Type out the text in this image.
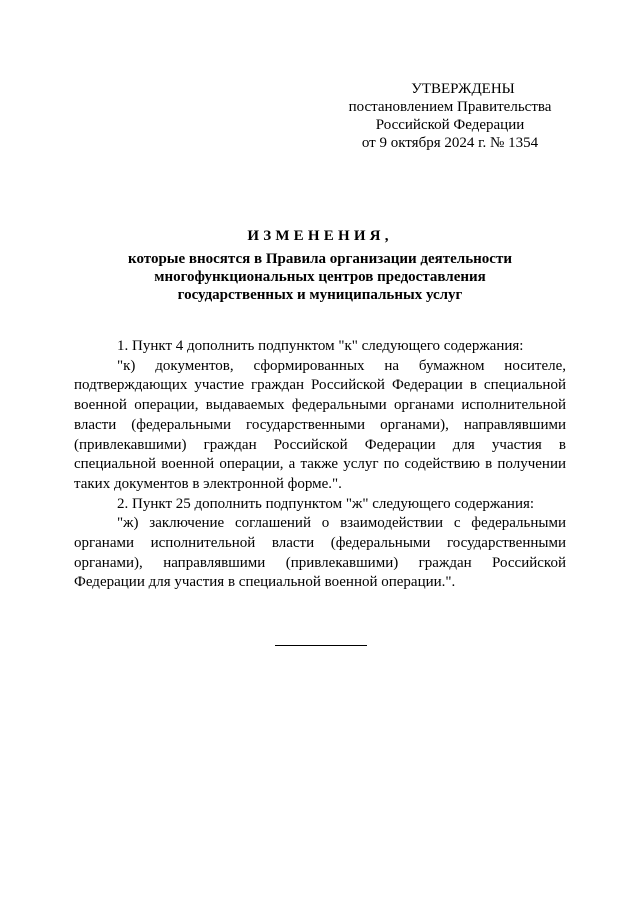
УТВЕРЖДЕНЫ
постановлением Правительства
Российской Федерации
от 9 октября 2024 г. № 1354
ИЗМЕНЕНИЯ,
которые вносятся в Правила организации деятельности
многофункциональных центров предоставления
государственных и муниципальных услуг

1. Пункт 4 дополнить подпунктом "к" следующего содержания:

"к) документов, сформированных на бумажном носителе, подтверждающих участие граждан Российской Федерации в специальной военной операции, выдаваемых федеральными органами исполнительной власти (федеральными государственными органами), направлявшими (привлекавшими) граждан Российской Федерации для участия в специальной военной операции, а также услуг по содействию в получении таких документов в электронной форме.".

2. Пункт 25 дополнить подпунктом "ж" следующего содержания:

"ж) заключение соглашений о взаимодействии с федеральными органами исполнительной власти (федеральными государственными органами), направлявшими (привлекавшими) граждан Российской Федерации для участия в специальной военной операции.".
